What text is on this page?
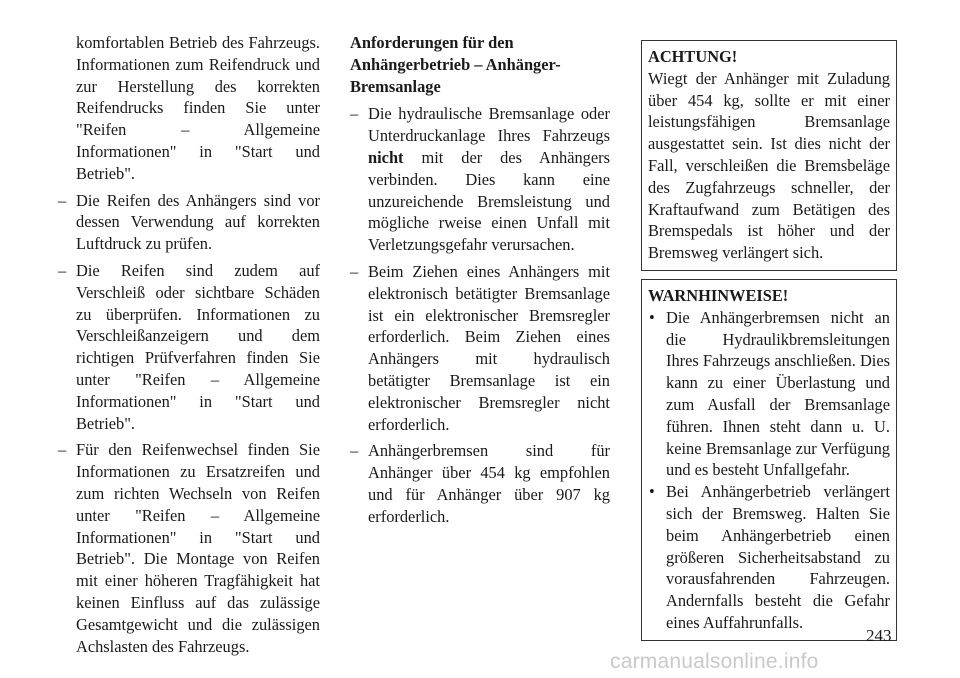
komfortablen Betrieb des Fahrzeugs. Informationen zum Reifendruck und zur Herstellung des korrekten Reifendrucks finden Sie unter "Reifen – Allgemeine Informationen" in "Start und Betrieb".

– Die Reifen des Anhängers sind vor dessen Verwendung auf korrekten Luftdruck zu prüfen.
– Die Reifen sind zudem auf Verschleiß oder sichtbare Schäden zu überprüfen. Informationen zu Verschleißanzeigern und dem richtigen Prüfverfahren finden Sie unter "Reifen – Allgemeine Informationen" in "Start und Betrieb".
– Für den Reifenwechsel finden Sie Informationen zu Ersatzreifen und zum richten Wechseln von Reifen unter "Reifen – Allgemeine Informationen" in "Start und Betrieb". Die Montage von Reifen mit einer höheren Tragfähigkeit hat keinen Einfluss auf das zulässige Gesamtgewicht und die zulässigen Achslasten des Fahrzeugs.

Anforderungen für den Anhängerbetrieb – Anhänger-Bremsanlage

– Die hydraulische Bremsanlage oder Unterdruckanlage Ihres Fahrzeugs nicht mit der des Anhängers verbinden. Dies kann eine unzureichende Bremsleistung und mögliche rweise einen Unfall mit Verletzungsgefahr verursachen.
– Beim Ziehen eines Anhängers mit elektronisch betätigter Bremsanlage ist ein elektronischer Bremsregler erforderlich. Beim Ziehen eines Anhängers mit hydraulisch betätigter Bremsanlage ist ein elektronischer Bremsregler nicht erforderlich.
– Anhängerbremsen sind für Anhänger über 454 kg empfohlen und für Anhänger über 907 kg erforderlich.
ACHTUNG!

Wiegt der Anhänger mit Zuladung über 454 kg, sollte er mit einer leistungsfähigen Bremsanlage ausgestattet sein. Ist dies nicht der Fall, verschleißen die Bremsbeläge des Zugfahrzeugs schneller, der Kraftaufwand zum Betätigen des Bremspedals ist höher und der Bremsweg verlängert sich.

WARNHINWEISE!
• Die Anhängerbremsen nicht an die Hydraulikbremsleitungen Ihres Fahrzeugs anschließen. Dies kann zu einer Überlastung und zum Ausfall der Bremsanlage führen. Ihnen steht dann u. U. keine Bremsanlage zur Verfügung und es besteht Unfallgefahr.
• Bei Anhängerbetrieb verlängert sich der Bremsweg. Halten Sie beim Anhängerbetrieb einen größeren Sicherheitsabstand zu vorausfahrenden Fahrzeugen. Andernfalls besteht die Gefahr eines Auffahrunfalls.
243
carmanualsonline.info
